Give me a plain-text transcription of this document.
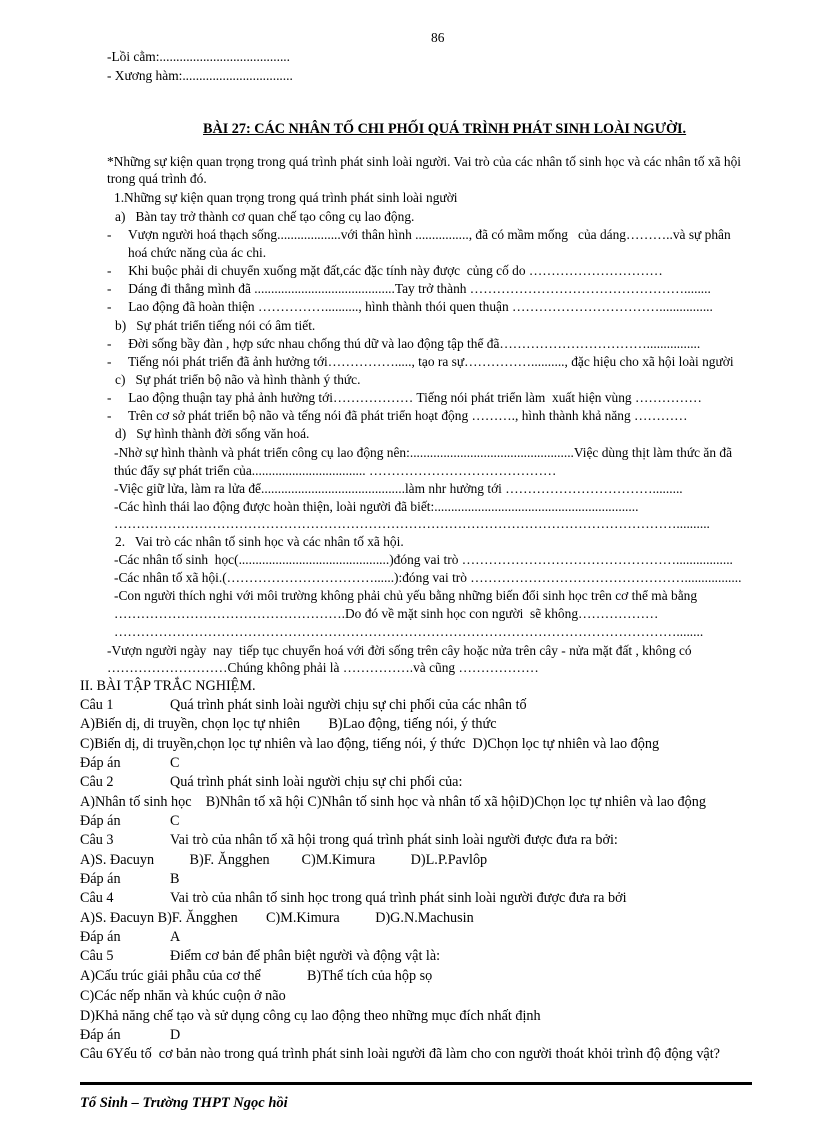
86
-Lồi cằm:.......................................
- Xương hàm:.................................
BÀI 27: CÁC NHÂN TỐ CHI PHỐI QUÁ TRÌNH PHÁT SINH LOÀI NGƯỜI.
*Những sự kiện quan trọng trong quá trình phát sinh loài người. Vai trò của các nhân tố sinh học và các nhân tố xã hội
trong quá trình đó.
1.Những sự kiện quan trọng trong quá trình phát sinh loài người
a)   Bàn tay trở thành cơ quan chế tạo công cụ lao động.
-     Vượn người hoá thạch sống...................với thân hình ................, đã có mầm mống   của dáng………..và sự phân
hoá chức năng của ác chi.
-     Khi buộc phải di chuyển xuống mặt đất,các đặc tính này được  củng cố do …………………………
-     Dáng đi thẳng mình đã ..........................................Tay trở thành …………………………………………........
-     Lao động đã hoàn thiện …………….........., hình thành thói quen thuận ……………………………................
b)   Sự phát triển tiếng nói có âm tiết.
-     Đời sống bầy đàn , hợp sức nhau chống thú dữ và lao động tập thể đã……………………………................
-     Tiếng nói phát triển đã ảnh hưởng tới……………....., tạo ra sự…………….........., đặc hiệu cho xã hội loài người
c)   Sự phát triển bộ não và hình thành ý thức.
-     Lao động thuận tay phả ảnh hưởng tới……………… Tiếng nói phát triển làm  xuất hiện vùng ……………
-     Trên cơ sở phát triển bộ não và tếng nói đã phát triển hoạt động ………., hình thành khả năng …………
d)   Sự hình thành đời sống văn hoá.
-Nhờ sự hình thành và phát triển công cụ lao động nên:.................................................Việc dùng thịt làm thức ăn đã
thúc đẩy sự phát triển của.................................. ……………………………………
-Việc giữ lửa, làm ra lửa để...........................................làm nhr hưởng tới …………………………….........
-Các hình thái lao động được hoàn thiện, loài người đã biết:.............................................................
………………………………………………………………………………………………………………..........
2.   Vai trò các nhân tố sinh học và các nhân tố xã hội.
-Các nhân tố sinh  học(.............................................)đóng vai trò ………………………………………….................
-Các nhân tố xã hội.(……………………………......):đóng vai trò ………………………………………….................
-Con người thích nghi với môi trường không phải chủ yếu bằng những biến đổi sinh học trên cơ thể mà bằng
…………………………………………….Do đó về mặt sinh học con người  sẽ không………………
………………………………………………………………………………………………………………........
-Vượn người ngày  nay  tiếp tục chuyển hoá với đời sống trên cây hoặc nửa trên cây - nửa mặt đất , không có
………………………Chúng không phải là …………….và cũng ………………
II. BÀI TẬP TRẮC NGHIỆM.
Câu 1	Quá trình phát sinh loài người chịu sự chi phối của các nhân tố
A)Biến dị, di truyền, chọn lọc tự nhiên        B)Lao động, tiếng nói, ý thức
C)Biến dị, di truyền,chọn lọc tự nhiên và lao động, tiếng nói, ý thức  D)Chọn lọc tự nhiên và lao động
Đáp án	C
Câu 2	Quá trình phát sinh loài người chịu sự chi phối của:
A)Nhân tố sinh học    B)Nhân tố xã hội C)Nhân tố sinh học và nhân tố xã hộiD)Chọn lọc tự nhiên và lao động
Đáp án	C
Câu 3	Vai trò của nhân tố xã hội trong quá trình phát sinh loài người được đưa ra bởi:
A)S. Đacuyn          B)F. Ăngghen         C)M.Kimura          D)L.P.Pavlôp
Đáp án	B
Câu 4	Vai trò của nhân tố sinh học trong quá trình phát sinh loài người được đưa ra bởi
A)S. Đacuyn B)F. Ăngghen        C)M.Kimura          D)G.N.Machusin
Đáp án	A
Câu 5	Điểm cơ bản để phân biệt người và động vật là:
A)Cấu trúc giải phẫu của cơ thể             B)Thể tích của hộp sọ
C)Các nếp nhăn và khúc cuộn ở não
D)Khả năng chế tạo và sử dụng công cụ lao động theo những mục đích nhất định
Đáp án	D
Câu 6Yếu tố  cơ bản nào trong quá trình phát sinh loài người đã làm cho con người thoát khỏi trình độ động vật?
Tổ Sinh – Trường THPT Ngọc hồi
